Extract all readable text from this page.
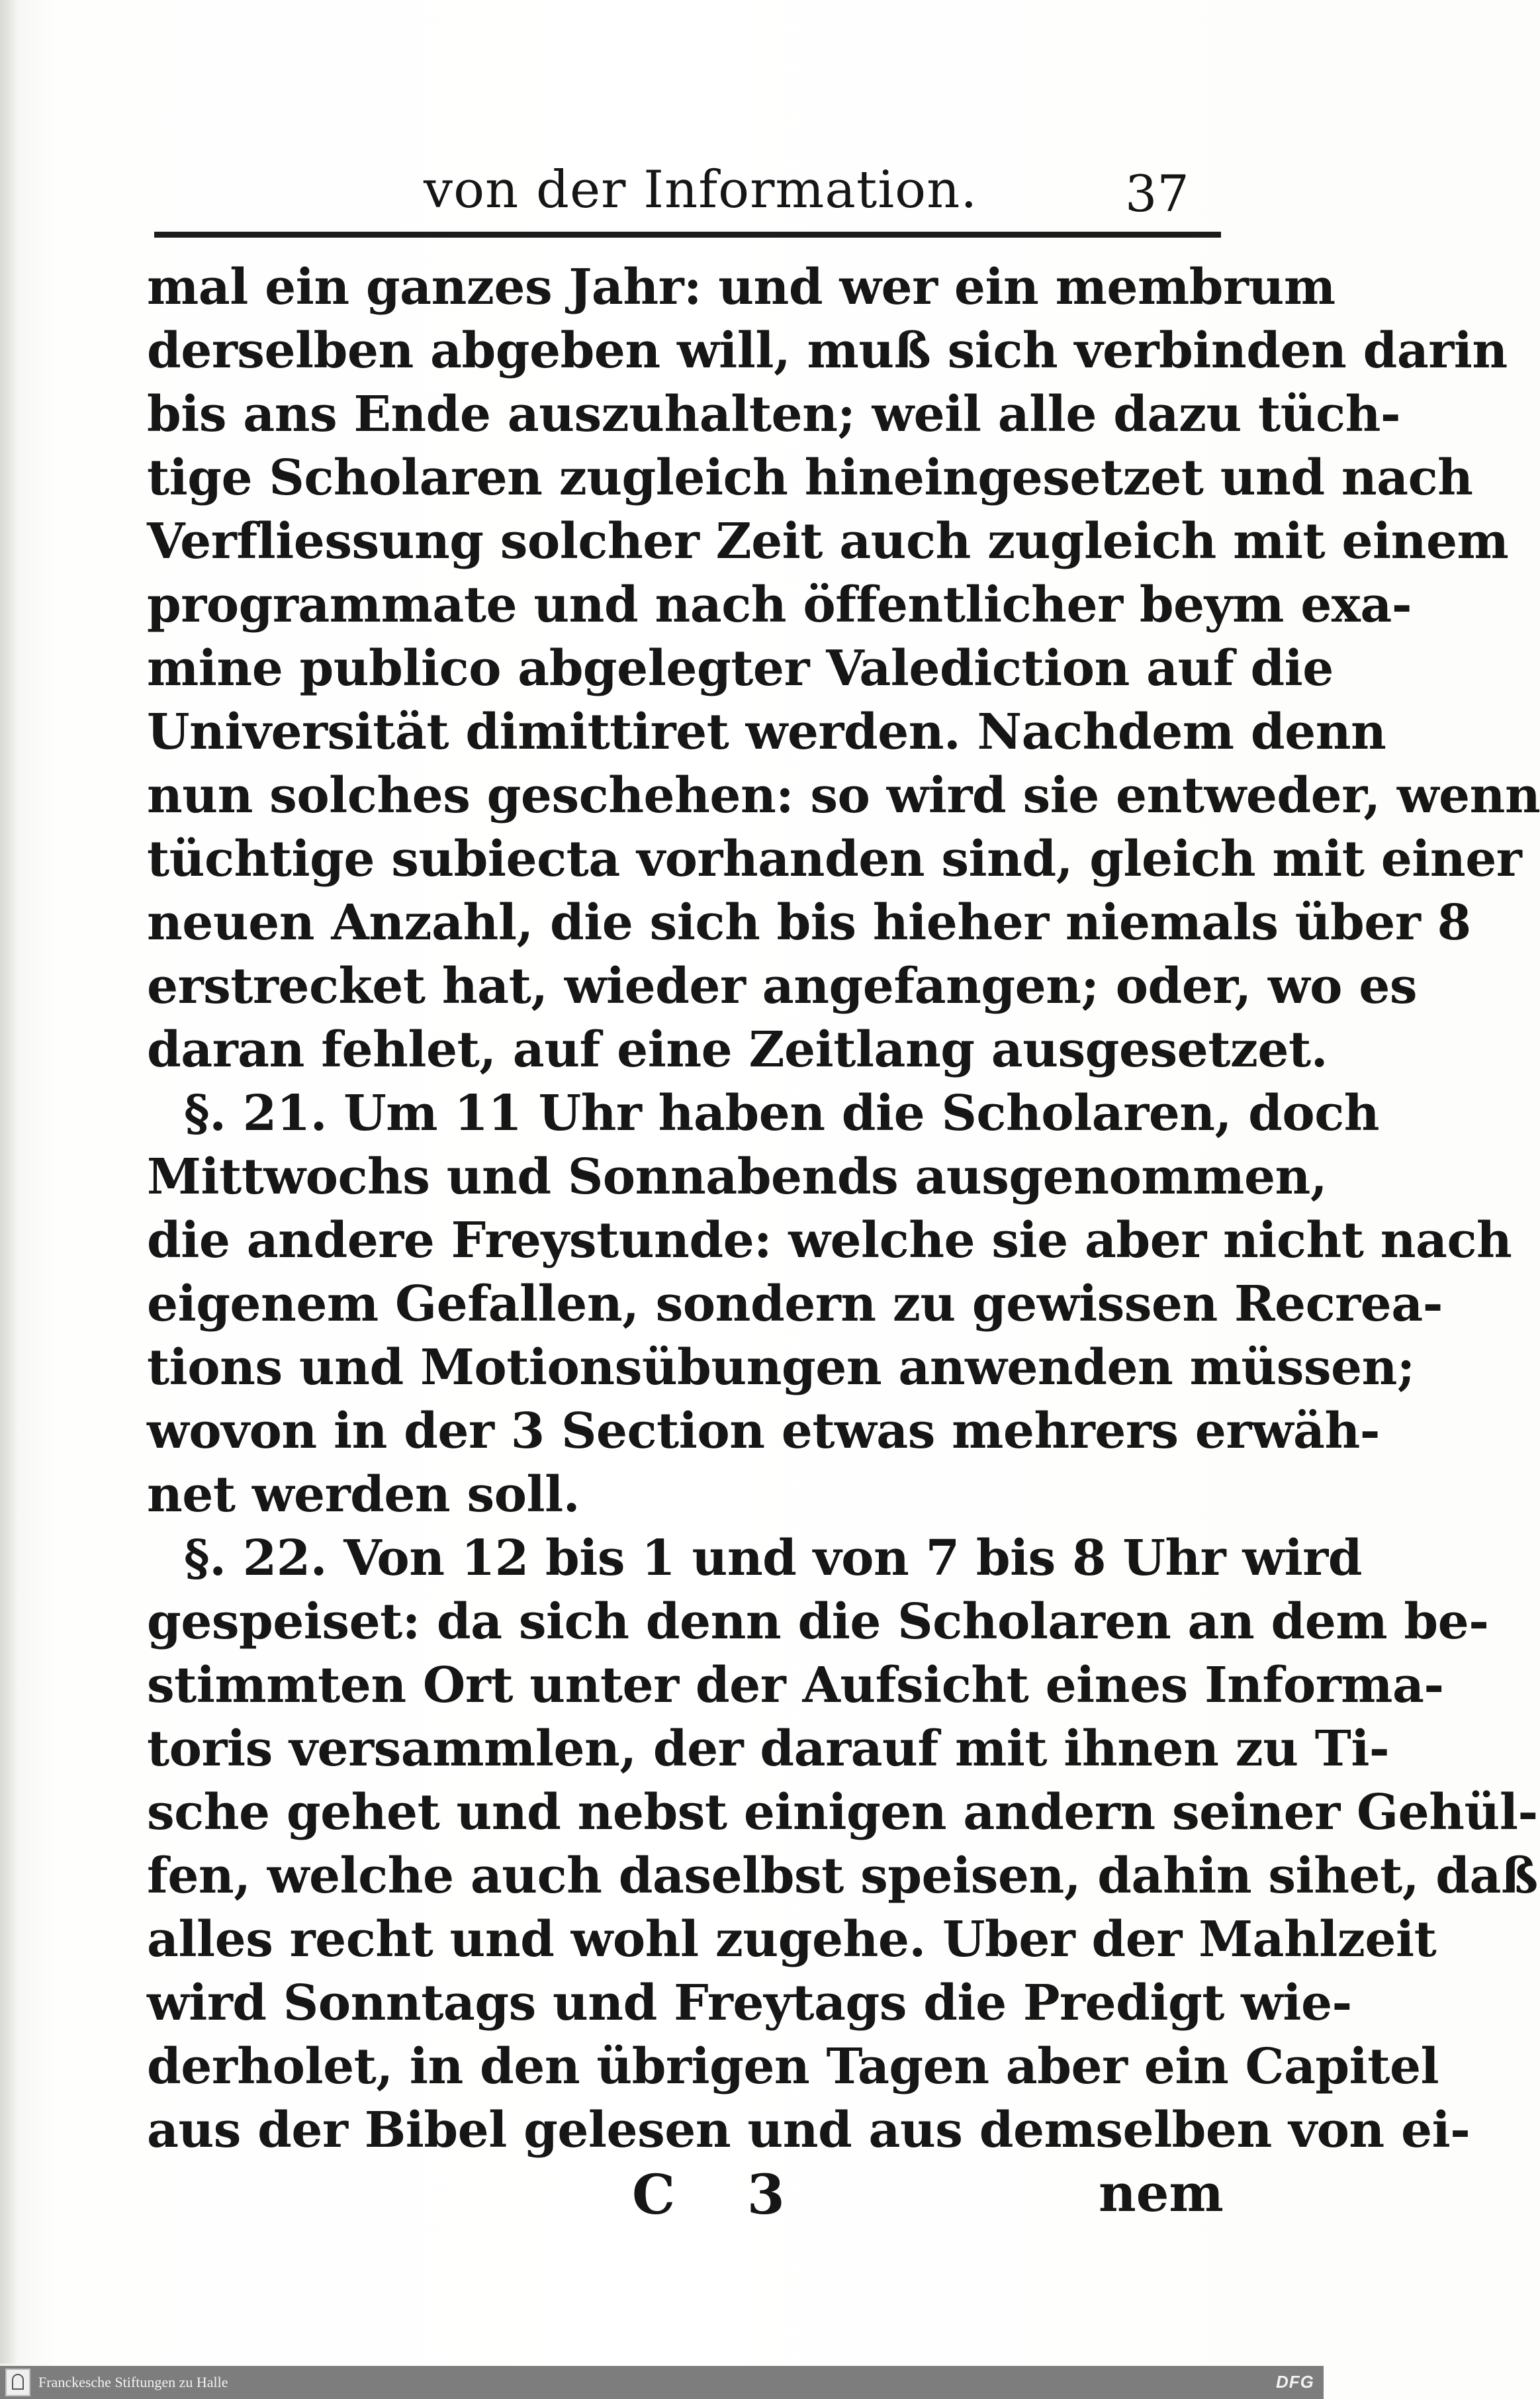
von der Information.	37
mal ein ganzes Jahr: und wer ein membrum
derselben abgeben will, muß sich verbinden darin
bis ans Ende auszuhalten; weil alle dazu tüch-
tige Scholaren zugleich hineingesetzet und nach
Verfliessung solcher Zeit auch zugleich mit einem
programmate und nach öffentlicher beym exa-
mine publico abgelegter Valediction auf die
Universität dimittiret werden. Nachdem denn
nun solches geschehen: so wird sie entweder, wenn
tüchtige subiecta vorhanden sind, gleich mit einer
neuen Anzahl, die sich bis hieher niemals über 8
erstrecket hat, wieder angefangen; oder, wo es
daran fehlet, auf eine Zeitlang ausgesetzet.
§. 21. Um 11 Uhr haben die Scholaren, doch
Mittwochs und Sonnabends ausgenommen,
die andere Freystunde: welche sie aber nicht nach
eigenem Gefallen, sondern zu gewissen Recrea-
tions und Motionsübungen anwenden müssen;
wovon in der 3 Section etwas mehrers erwäh-
net werden soll.
§. 22. Von 12 bis 1 und von 7 bis 8 Uhr wird
gespeiset: da sich denn die Scholaren an dem be-
stimmten Ort unter der Aufsicht eines Informa-
toris versammlen, der darauf mit ihnen zu Ti-
sche gehet und nebst einigen andern seiner Gehül-
fen, welche auch daselbst speisen, dahin sihet, daß
alles recht und wohl zugehe. Uber der Mahlzeit
wird Sonntags und Freytags die Predigt wie-
derholet, in den übrigen Tagen aber ein Capitel
aus der Bibel gelesen und aus demselben von ei-
C 3	nem
Franckesche Stiftungen zu Halle	DFG
